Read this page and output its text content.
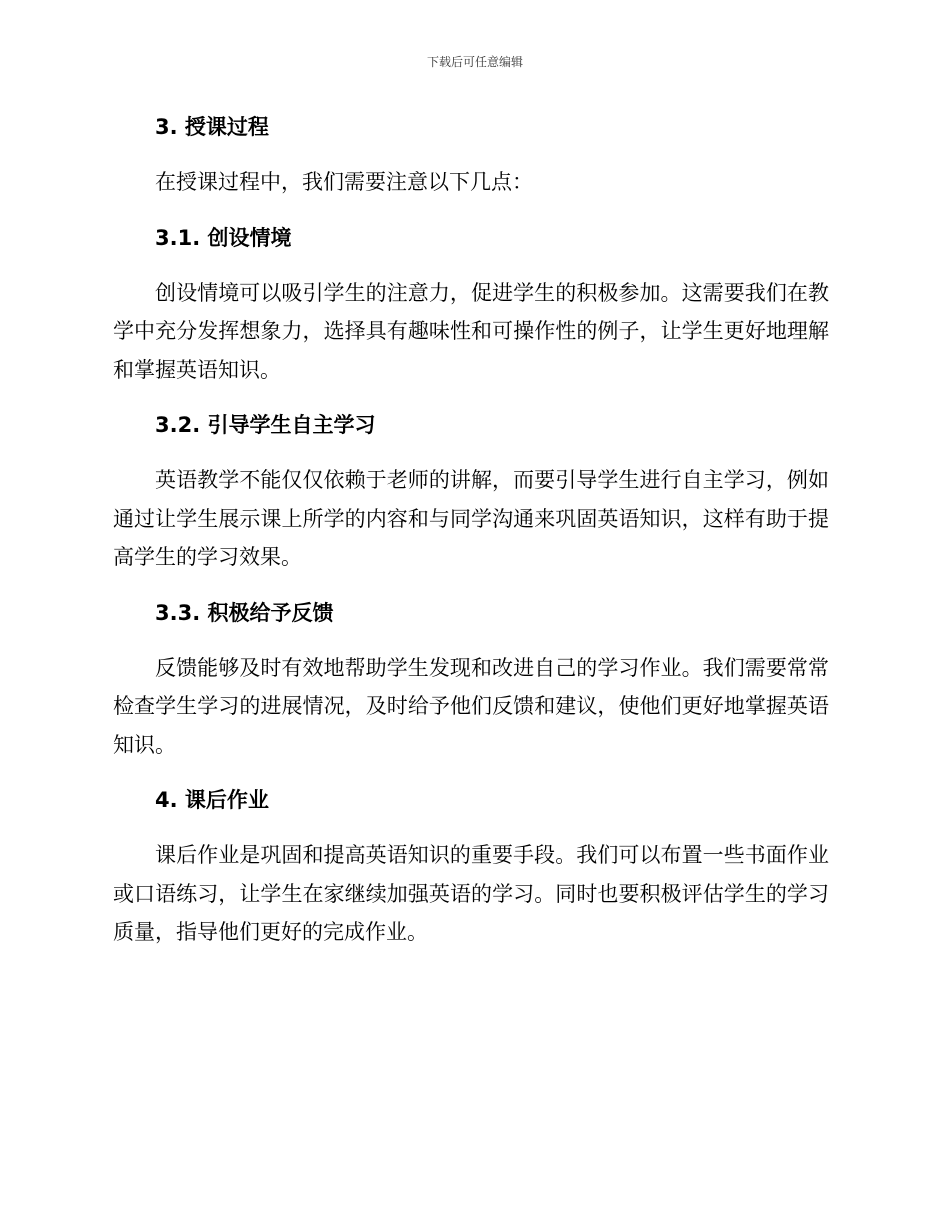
下载后可任意编辑
3. 授课过程

在授课过程中，我们需要注意以下几点：

3.1. 创设情境

创设情境可以吸引学生的注意力，促进学生的积极参加。这需要我们在教学中充分发挥想象力，选择具有趣味性和可操作性的例子，让学生更好地理解和掌握英语知识。

3.2. 引导学生自主学习

英语教学不能仅仅依赖于老师的讲解，而要引导学生进行自主学习，例如通过让学生展示课上所学的内容和与同学沟通来巩固英语知识，这样有助于提高学生的学习效果。

3.3. 积极给予反馈

反馈能够及时有效地帮助学生发现和改进自己的学习作业。我们需要常常检查学生学习的进展情况，及时给予他们反馈和建议，使他们更好地掌握英语知识。

4. 课后作业

课后作业是巩固和提高英语知识的重要手段。我们可以布置一些书面作业或口语练习，让学生在家继续加强英语的学习。同时也要积极评估学生的学习质量，指导他们更好的完成作业。
